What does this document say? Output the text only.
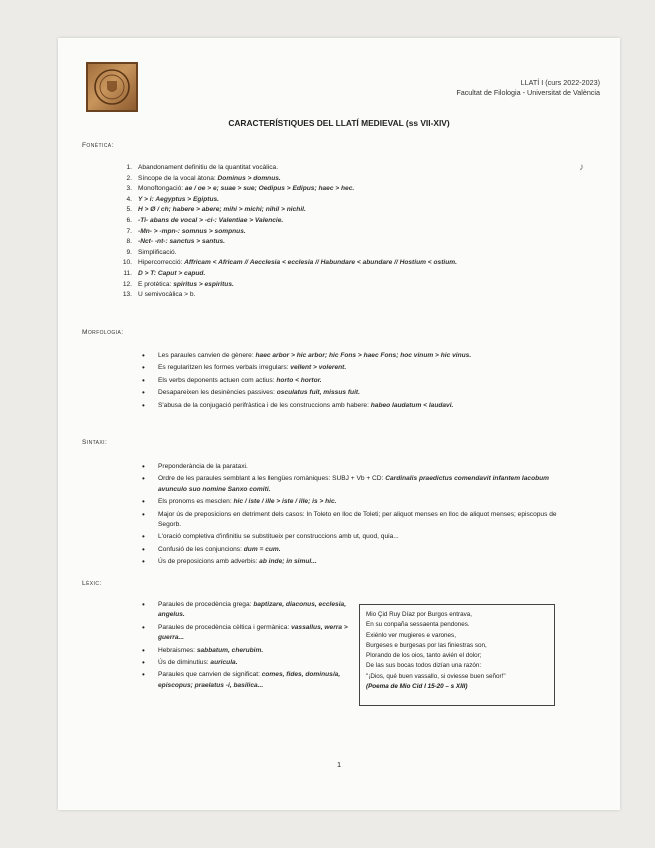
LLATÍ I (curs 2022-2023)
Facultat de Filologia - Universitat de València
CARACTERÍSTIQUES DEL LLATÍ MEDIEVAL (ss VII-XIV)
♪
Fonètica:
1. Abandonament definitiu de la quantitat vocàlica.
2. Síncope de la vocal àtona: Dominus > domnus.
3. Monoftongació: ae / oe > e; suae > sue; Oedipus > Edipus; haec > hec.
4. Y > i: Aegyptus > Egiptus.
5. H > Ø / ch; habere > abere; mihi > michi; nihil > nichil.
6. -Ti- abans de vocal > -ci-: Valentiae > Valencie.
7. -Mn- > -mpn-: somnus > sompnus.
8. -Nct- -nt-: sanctus > santus.
9. Simplificació.
10. Hipercorrecció: Affricam < Africam // Aecclesia < ecclesia // Habundare < abundare // Hostium < ostium.
11. D > T: Caput > capud.
12. E protètica: spiritus > espiritus.
13. U semivocàlica > b.
Morfologia:
• Les paraules canvien de gènere: haec arbor > hic arbor; hic Fons > haec Fons; hoc vinum > hic vinus.
• Es regularitzen les formes verbals irregulars: vellent > volerent.
• Els verbs deponents actuen com actius: horto < hortor.
• Desapareixen les desinències passives: osculatus fuit, missus fuit.
• S'abusa de la conjugació perifràstica i de les construccions amb habere: habeo laudatum < laudavi.
Sintaxi:
• Preponderància de la parataxi.
• Ordre de les paraules semblant a les llengües romàniques: SUBJ + Vb + CD: Cardinalis praedictus comendavit infantem Iacobum avunculo suo nomine Sanxo comiti.
• Els pronoms es mesclen: hic / iste / ille > iste / ille; is > hic.
• Major ús de preposicions en detriment dels casos: In Toleto en lloc de Toleti; per aliquot menses en lloc de aliquot menses; episcopus de Segorb.
• L'oració completiva d'infinitiu se substitueix per construccions amb ut, quod, quia...
• Confusió de les conjuncions: dum = cum.
• Ús de preposicions amb adverbis: ab inde; in simul...
Lèxic:
• Paraules de procedència grega: baptizare, diaconus, ecclesia, angelus.
• Paraules de procedència cèltica i germànica: vassallus, werra > guerra...
• Hebraismes: sabbatum, cherubim.
• Ús de diminutius: auricula.
• Paraules que canvien de significat: comes, fides, dominus/a, episcopus; praelatus -i, basilica...
Mio Çid Ruy Díaz por Burgos entrava,
En su conpaña sessaenta pendones.
Exiénlo ver mugieres e varones,
Burgeses e burgesas por las finiestras son,
Plorando de los oios, tanto avién el dolor;
De las sus bocas todos dizían una razón:
"¡Dios, qué buen vassallo, si oviesse buen señor!"
(Poema de Mio Cid I 15-20 – s XIII)
1
